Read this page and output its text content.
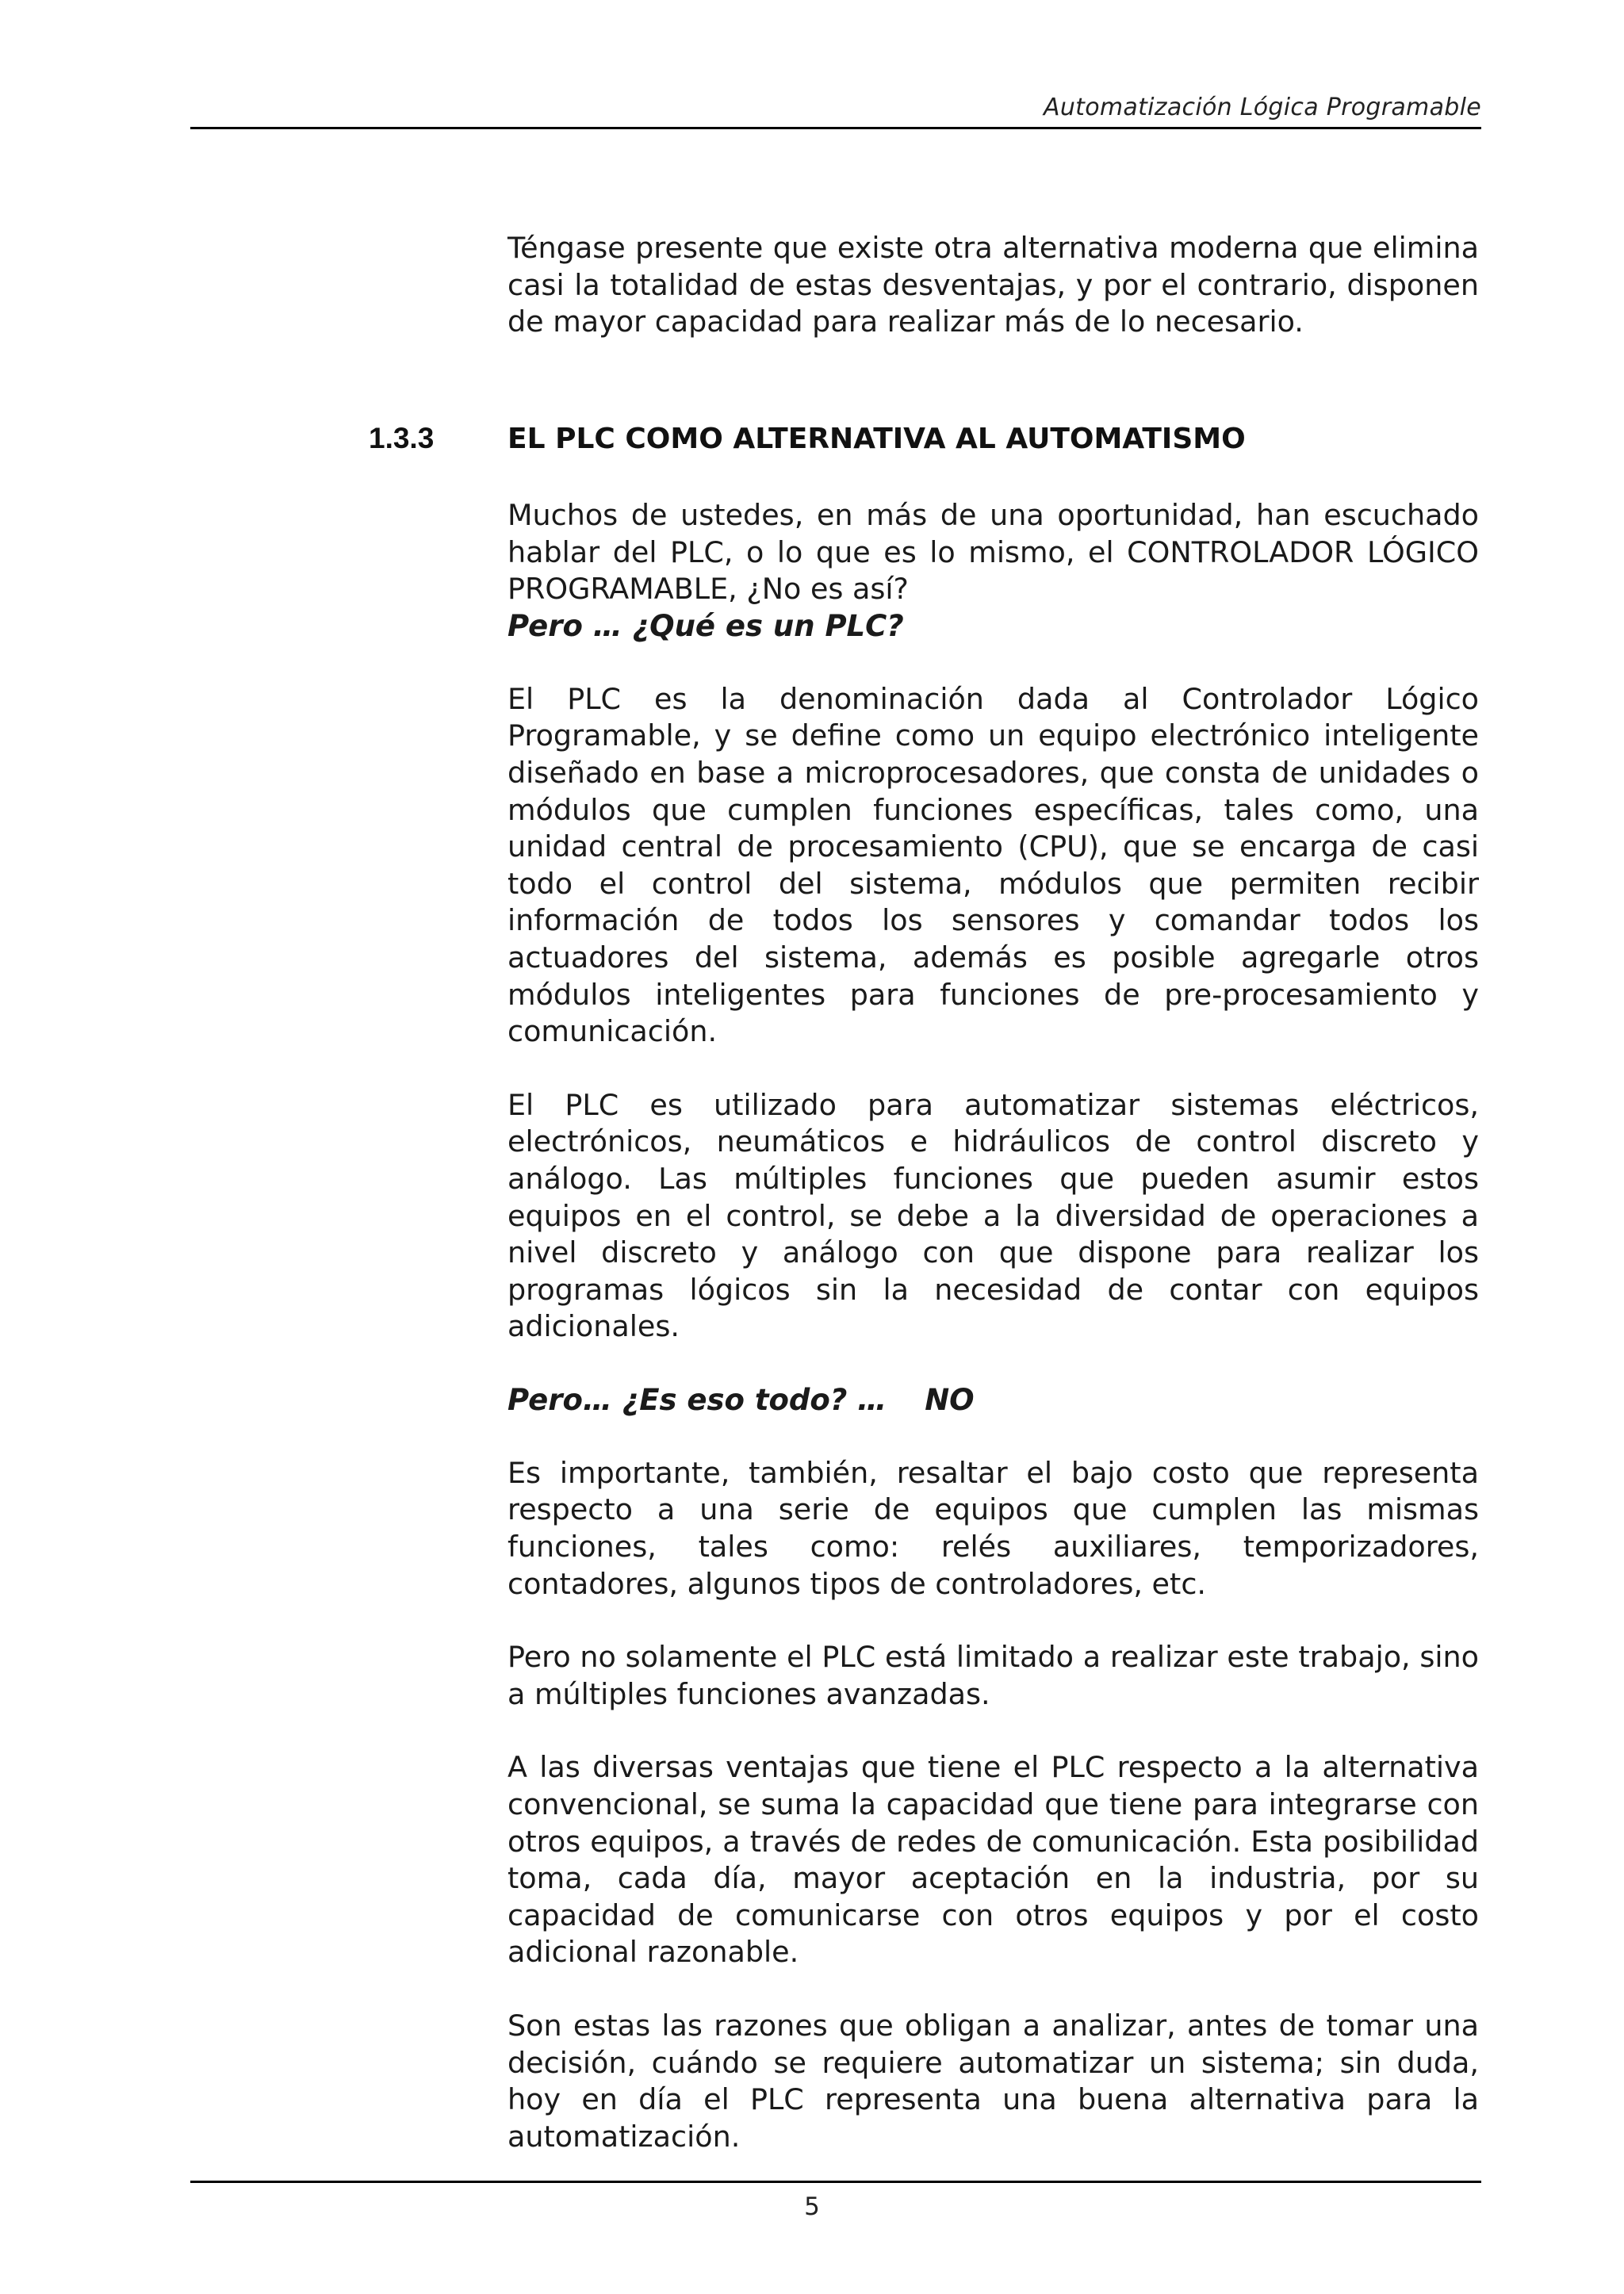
Automatización Lógica Programable

Téngase presente que existe otra alternativa moderna que elimina casi la totalidad de estas desventajas, y por el contrario, disponen de mayor capacidad para realizar más de lo necesario.

1.3.3	EL PLC COMO ALTERNATIVA AL AUTOMATISMO

Muchos de ustedes, en más de una oportunidad, han escuchado hablar del PLC, o lo que es lo mismo, el CONTROLADOR LÓGICO PROGRAMABLE, ¿No es así?

Pero … ¿Qué es un PLC?

El PLC es la denominación dada al Controlador Lógico Programable, y se define como un equipo electrónico inteligente diseñado en base a microprocesadores, que consta de unidades o módulos que cumplen funciones específicas, tales como, una unidad central de procesamiento (CPU), que se encarga de casi todo el control del sistema, módulos que permiten recibir información de todos los sensores y comandar todos los actuadores del sistema, además es posible agregarle otros módulos inteligentes para funciones de pre-procesamiento y comunicación.

El PLC es utilizado para automatizar sistemas eléctricos, electrónicos, neumáticos e hidráulicos de control discreto y análogo. Las múltiples funciones que pueden asumir estos equipos en el control, se debe a la diversidad de operaciones a nivel discreto y análogo con que dispone para realizar los programas lógicos sin la necesidad de contar con equipos adicionales.

Pero… ¿Es eso todo? … NO

Es importante, también, resaltar el bajo costo que representa respecto a una serie de equipos que cumplen las mismas funciones, tales como: relés auxiliares, temporizadores, contadores, algunos tipos de controladores, etc.

Pero no solamente el PLC está limitado a realizar este trabajo, sino a múltiples funciones avanzadas.

A las diversas ventajas que tiene el PLC respecto a la alternativa convencional, se suma la capacidad que tiene para integrarse con otros equipos, a través de redes de comunicación. Esta posibilidad toma, cada día, mayor aceptación en la industria, por su capacidad de comunicarse con otros equipos y por el costo adicional razonable.

Son estas las razones que obligan a analizar, antes de tomar una decisión, cuándo se requiere automatizar un sistema; sin duda, hoy en día el PLC representa una buena alternativa para la automatización.

5
